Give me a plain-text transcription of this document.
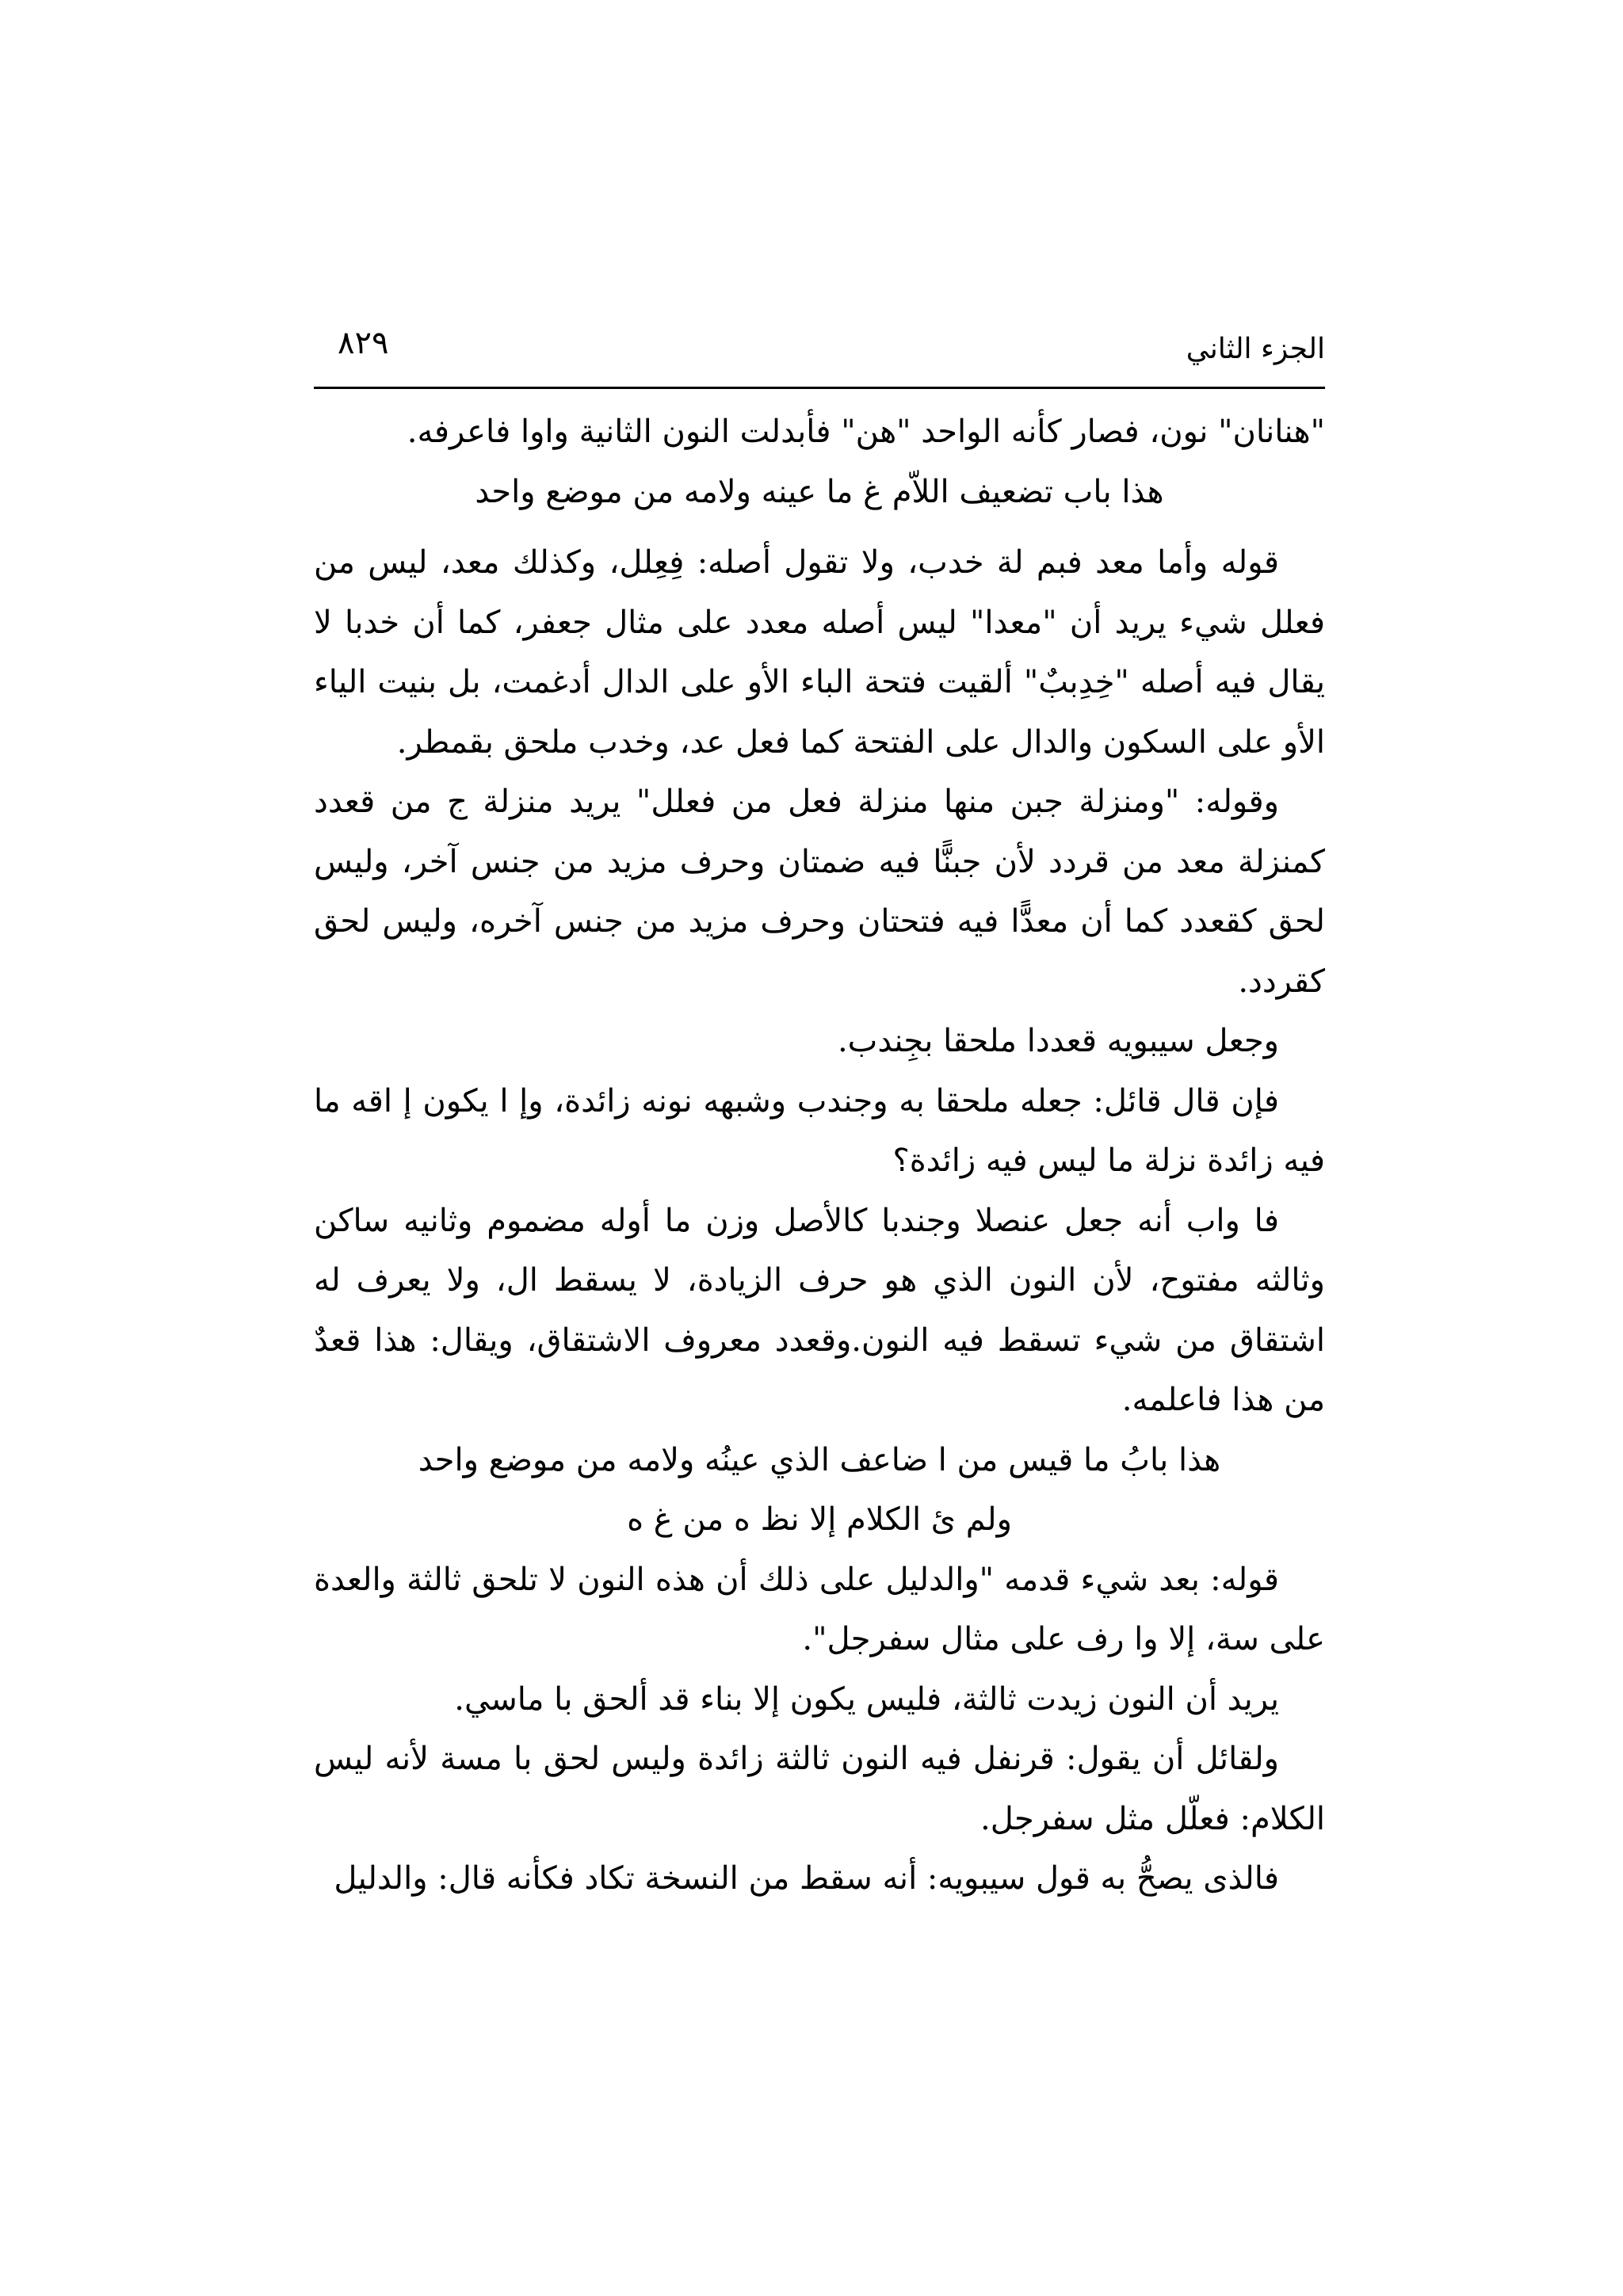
الجزء الثاني
٨٢٩

"هنانان" نون، فصار كأنه الواحد "هن" فأبدلت النون الثانية واوا فاعرفه.

هذا باب تضعيف اللاّم غ ما عينه ولامه من موضع واحد

قوله وأما معد فبم لة خدب، ولا تقول أصله: فِعِلل، وكذلك معد، ليس من فعلل شيء يريد أن "معدا" ليس أصله معدد على مثال جعفر، كما أن خدبا لا يقال فيه أصله "خِدِببٌ" ألقيت فتحة الباء الأو على الدال أدغمت، بل بنيت الياء الأو على السكون والدال على الفتحة كما فعل عد، وخدب ملحق بقمطر.

وقوله: "ومنزلة جبن منها منزلة فعل من فعلل" يريد منزلة ج من قعدد كمنزلة معد من قردد لأن جبنًّا فيه ضمتان وحرف مزيد من جنس آخر، وليس لحق كقعدد كما أن معدًّا فيه فتحتان وحرف مزيد من جنس آخره، وليس لحق كقردد.

وجعل سيبويه قعددا ملحقا بجِندب.

فإن قال قائل: جعله ملحقا به وجندب وشبهه نونه زائدة، وإ ا يكون إ اقه ما فيه زائدة نزلة ما ليس فيه زائدة؟

فا واب أنه جعل عنصلا وجندبا كالأصل وزن ما أوله مضموم وثانيه ساكن وثالثه مفتوح، لأن النون الذي هو حرف الزيادة، لا يسقط ال، ولا يعرف له اشتقاق من شيء تسقط فيه النون.وقعدد معروف الاشتقاق، ويقال: هذا قعدٌ من هذا فاعلمه.

هذا بابُ ما قيس من ا ضاعف الذي عينُه ولامه من موضع واحد

ولم ئ الكلام إلا نظ ه من غ ه

قوله: بعد شيء قدمه "والدليل على ذلك أن هذه النون لا تلحق ثالثة والعدة على سة، إلا وا رف على مثال سفرجل".

يريد أن النون زيدت ثالثة، فليس يكون إلا بناء قد ألحق با ماسي.

ولقائل أن يقول: قرنفل فيه النون ثالثة زائدة وليس لحق با مسة لأنه ليس الكلام: فعلّل مثل سفرجل.

فالذى يصحُّ به قول سيبويه: أنه سقط من النسخة تكاد فكأنه قال: والدليل
